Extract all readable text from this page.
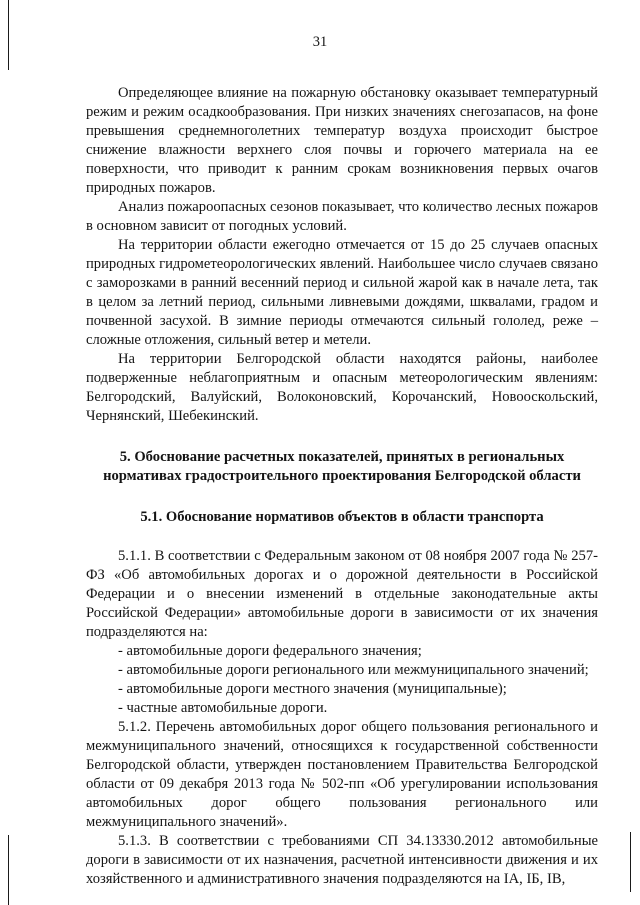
31

Определяющее влияние на пожарную обстановку оказывает температурный режим и режим осадкообразования. При низких значениях снегозапасов, на фоне превышения среднемноголетних температур воздуха происходит быстрое снижение влажности верхнего слоя почвы и горючего материала на ее поверхности, что приводит к ранним срокам возникновения первых очагов природных пожаров.

Анализ пожароопасных сезонов показывает, что количество лесных пожаров в основном зависит от погодных условий.

На территории области ежегодно отмечается от 15 до 25 случаев опасных природных гидрометеорологических явлений. Наибольшее число случаев связано с заморозками в ранний весенний период и сильной жарой как в начале лета, так в целом за летний период, сильными ливневыми дождями, шквалами, градом и почвенной засухой. В зимние периоды отмечаются сильный гололед, реже – сложные отложения, сильный ветер и метели.

На территории Белгородской области находятся районы, наиболее подверженные неблагоприятным и опасным метеорологическим явлениям: Белгородский, Валуйский, Волоконовский, Корочанский, Новооскольский, Чернянский, Шебекинский.

5. Обоснование расчетных показателей, принятых в региональных нормативах градостроительного проектирования Белгородской области

5.1. Обоснование нормативов объектов в области транспорта

5.1.1. В соответствии с Федеральным законом от 08 ноября 2007 года № 257-ФЗ «Об автомобильных дорогах и о дорожной деятельности в Российской Федерации и о внесении изменений в отдельные законодательные акты Российской Федерации» автомобильные дороги в зависимости от их значения подразделяются на:

- автомобильные дороги федерального значения;

- автомобильные дороги регионального или межмуниципального значений;

- автомобильные дороги местного значения (муниципальные);

- частные автомобильные дороги.

5.1.2. Перечень автомобильных дорог общего пользования регионального и межмуниципального значений, относящихся к государственной собственности Белгородской области, утвержден постановлением Правительства Белгородской области от 09 декабря 2013 года № 502-пп «Об урегулировании использования автомобильных дорог общего пользования регионального или межмуниципального значений».

5.1.3. В соответствии с требованиями СП 34.13330.2012 автомобильные дороги в зависимости от их назначения, расчетной интенсивности движения и их хозяйственного и административного значения подразделяются на IA, IБ, IB,
